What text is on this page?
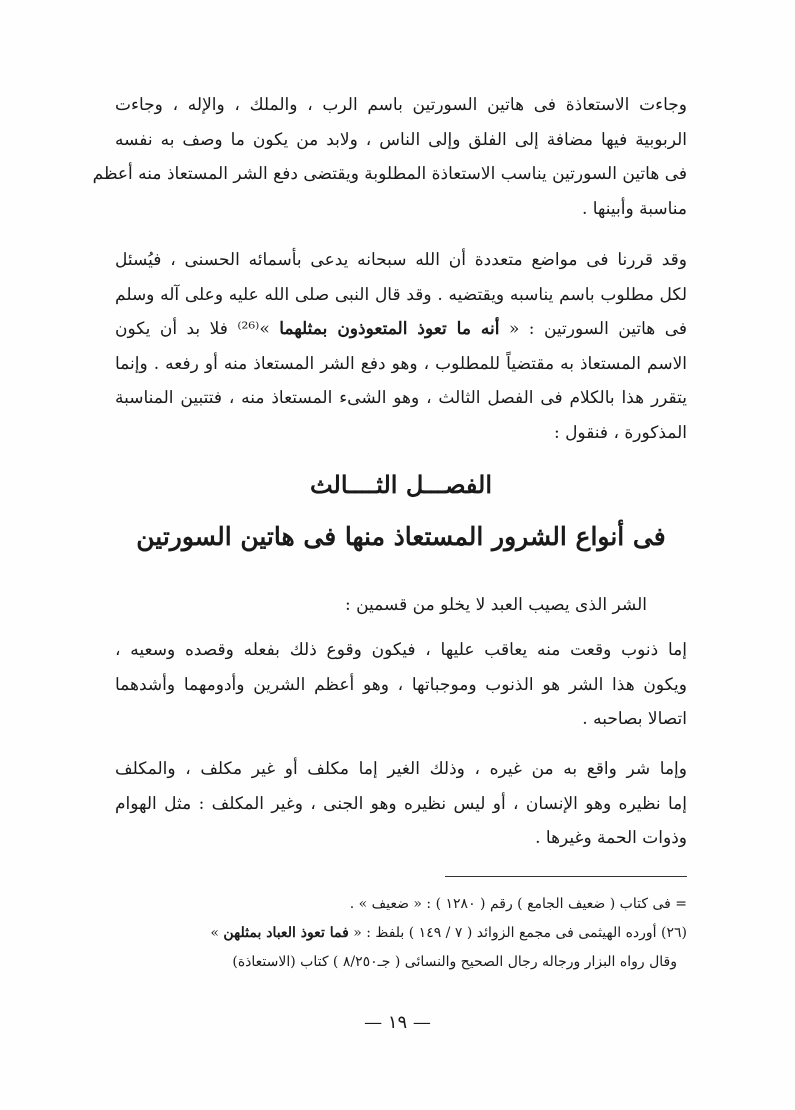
وجاءت الاستعاذة فى هاتين السورتين باسم الرب ، والملك ، والإله ، وجاءت
الربوبية فيها مضافة إلى الفلق وإلى الناس ، ولابد من يكون ما وصف به نفسه
فى هاتين السورتين يناسب الاستعاذة المطلوبة ويقتضى دفع الشر المستعاذ منه أعظم
مناسبة وأبينها .
وقد قررنا فى مواضع متعددة أن الله سبحانه يدعى بأسمائه الحسنى ، فيُسئل
لكل مطلوب باسم يناسبه ويقتضيه . وقد قال النبى صلى الله عليه وعلى آله وسلم
فى هاتين السورتين : « أنه ما تعوذ المتعوذون بمثلهما »⁽²⁶⁾ فلا بد أن يكون
الاسم المستعاذ به مقتضياً للمطلوب ، وهو دفع الشر المستعاذ منه أو رفعه . وإنما
يتقرر هذا بالكلام فى الفصل الثالث ، وهو الشىء المستعاذ منه ، فتتبين المناسبة
المذكورة ، فنقول :
الفصـــل الثــــالث
فى أنواع الشرور المستعاذ منها فى هاتين السورتين
الشر الذى يصيب العبد لا يخلو من قسمين :
إما ذنوب وقعت منه يعاقب عليها ، فيكون وقوع ذلك بفعله وقصده وسعيه ،
ويكون هذا الشر هو الذنوب وموجباتها ، وهو أعظم الشرين وأدومهما وأشدهما
اتصالا بصاحبه .
وإما شر واقع به من غيره ، وذلك الغير إما مكلف أو غير مكلف ، والمكلف
إما نظيره وهو الإنسان ، أو ليس نظيره وهو الجنى ، وغير المكلف : مثل الهوام
وذوات الحمة وغيرها .
= فى كتاب ( ضعيف الجامع ) رقم ( ١٢٨٠ ) : « ضعيف » .
(٢٦) أورده الهيثمى فى مجمع الزوائد ( ٧ / ١٤٩ ) بلفظ : « فما تعوذ العباد بمثلهن »
وقال رواه البزار ورجاله رجال الصحيح والنسائى ( جـ٨/٢٥٠ ) كتاب (الاستعاذة)
— ١٩ —
